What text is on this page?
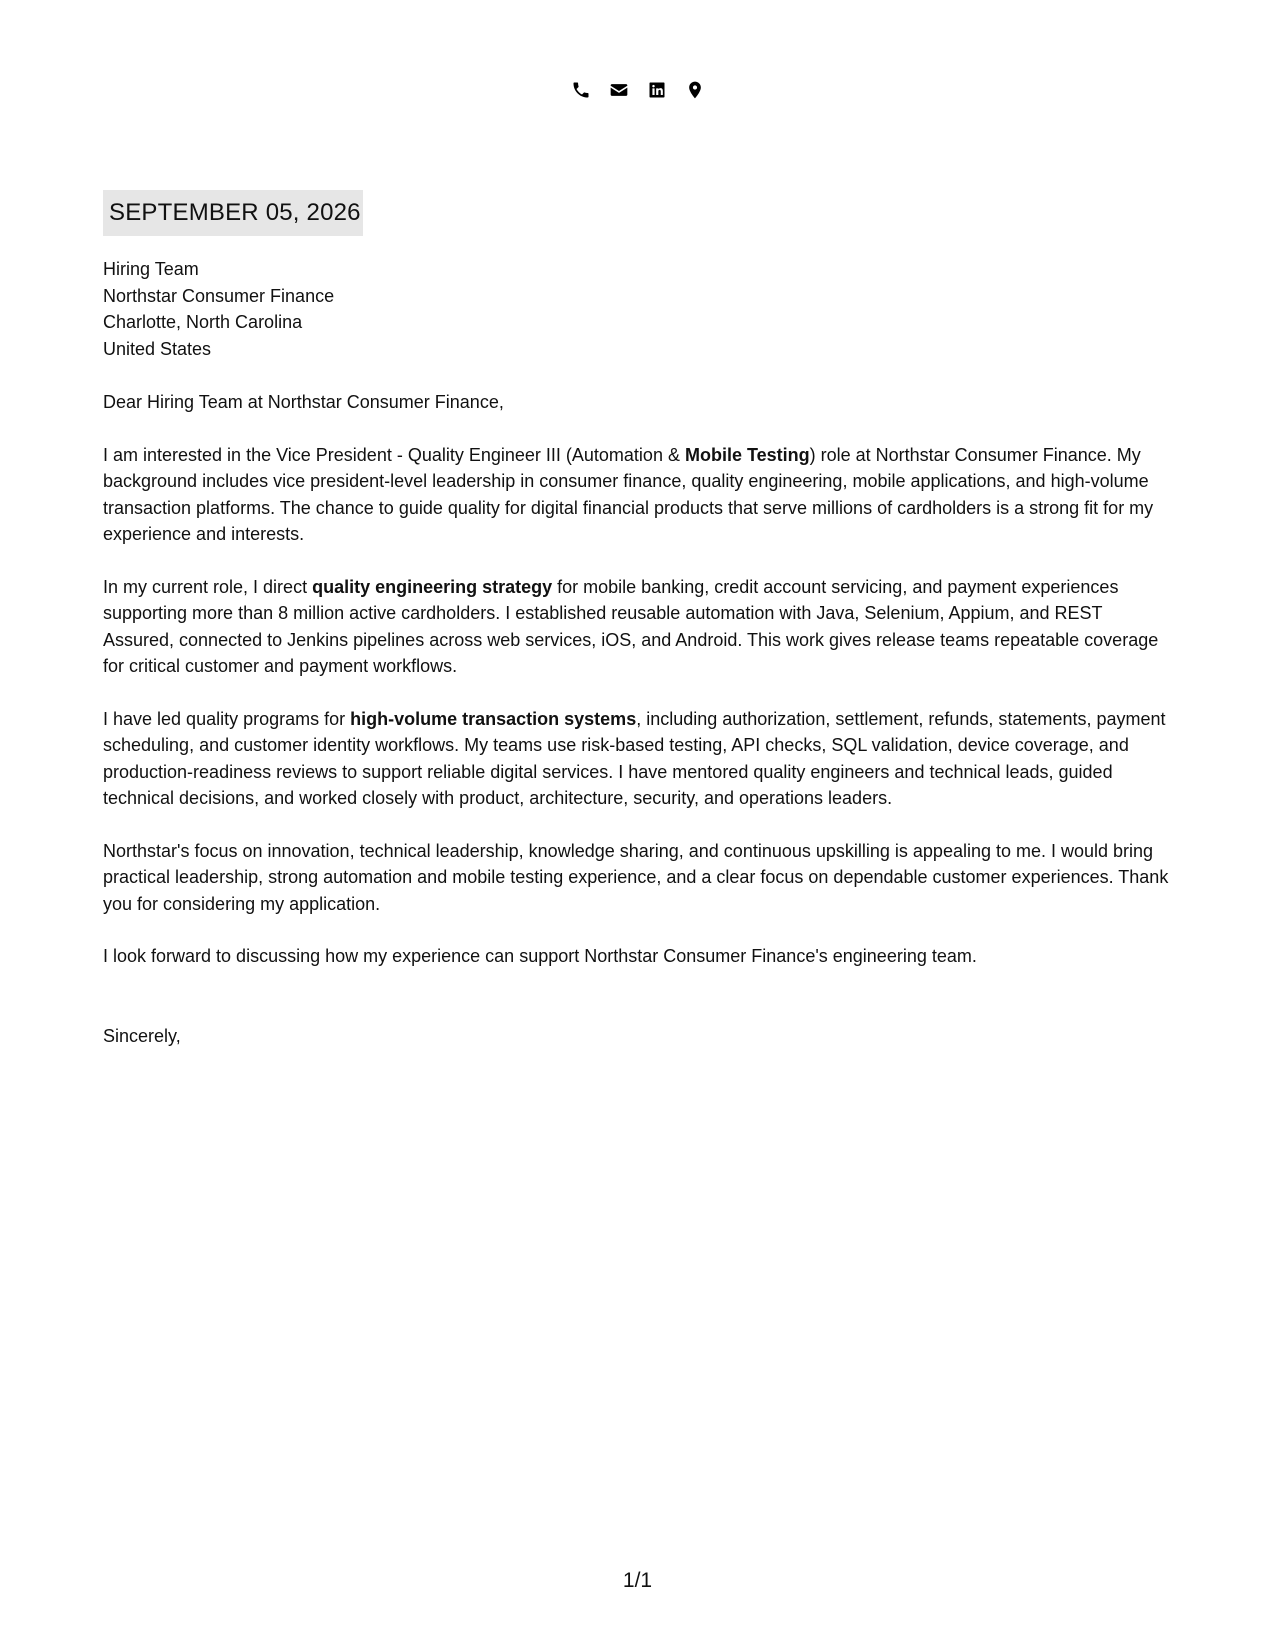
SEPTEMBER 05, 2026
Hiring Team
Northstar Consumer Finance
Charlotte, North Carolina
United States
Dear Hiring Team at Northstar Consumer Finance,

I am interested in the Vice President - Quality Engineer III (Automation & Mobile Testing) role at Northstar Consumer Finance. My background includes vice president-level leadership in consumer finance, quality engineering, mobile applications, and high-volume transaction platforms. The chance to guide quality for digital financial products that serve millions of cardholders is a strong fit for my experience and interests.

In my current role, I direct quality engineering strategy for mobile banking, credit account servicing, and payment experiences supporting more than 8 million active cardholders. I established reusable automation with Java, Selenium, Appium, and REST Assured, connected to Jenkins pipelines across web services, iOS, and Android. This work gives release teams repeatable coverage for critical customer and payment workflows.

I have led quality programs for high-volume transaction systems, including authorization, settlement, refunds, statements, payment scheduling, and customer identity workflows. My teams use risk-based testing, API checks, SQL validation, device coverage, and production-readiness reviews to support reliable digital services. I have mentored quality engineers and technical leads, guided technical decisions, and worked closely with product, architecture, security, and operations leaders.

Northstar's focus on innovation, technical leadership, knowledge sharing, and continuous upskilling is appealing to me. I would bring practical leadership, strong automation and mobile testing experience, and a clear focus on dependable customer experiences. Thank you for considering my application.

I look forward to discussing how my experience can support Northstar Consumer Finance's engineering team.

Sincerely,
1/1
